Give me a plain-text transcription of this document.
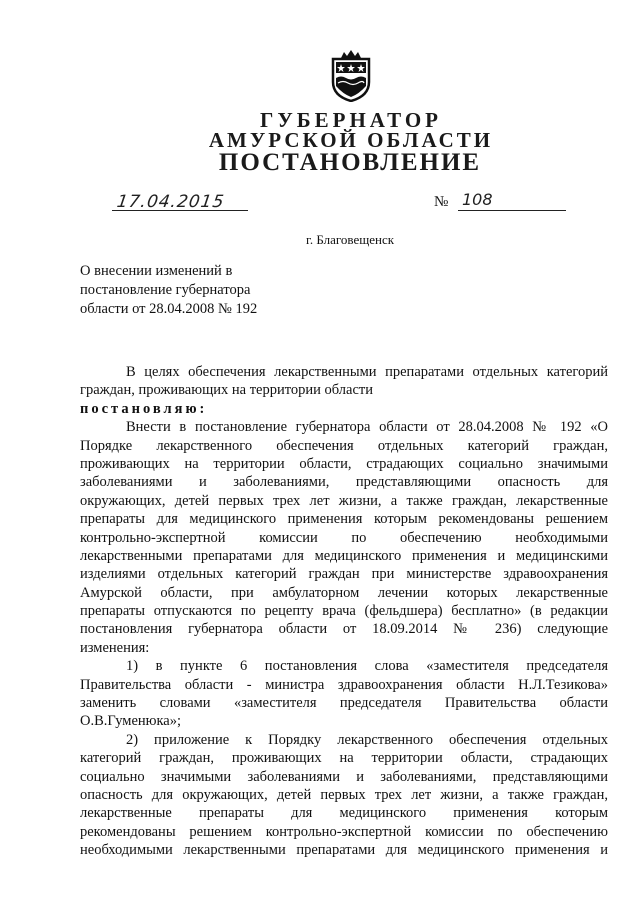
ГУБЕРНАТОР
АМУРСКОЙ ОБЛАСТИ
ПОСТАНОВЛЕНИЕ
17.04.2015	№ 108
г. Благовещенск
О внесении изменений в
постановление губернатора
области от 28.04.2008 № 192
В целях обеспечения лекарственными препаратами отдельных категорий
граждан, проживающих на территории области
постановляю:
Внести в постановление губернатора области от 28.04.2008 № 192 «О
Порядке лекарственного обеспечения отдельных категорий граждан,
проживающих на территории области, страдающих социально значимыми
заболеваниями и заболеваниями, представляющими опасность для
окружающих, детей первых трех лет жизни, а также граждан, лекарственные
препараты для медицинского применения которым рекомендованы решением
контрольно-экспертной комиссии по обеспечению необходимыми
лекарственными препаратами для медицинского применения и медицинскими
изделиями отдельных категорий граждан при министерстве здравоохранения
Амурской области, при амбулаторном лечении которых лекарственные
препараты отпускаются по рецепту врача (фельдшера) бесплатно» (в редакции
постановления губернатора области от 18.09.2014 № 236) следующие
изменения:
1) в пункте 6 постановления слова «заместителя председателя
Правительства области - министра здравоохранения области Н.Л.Тезикова»
заменить словами «заместителя председателя Правительства области
О.В.Гуменюка»;
2) приложение к Порядку лекарственного обеспечения отдельных
категорий граждан, проживающих на территории области, страдающих
социально значимыми заболеваниями и заболеваниями, представляющими
опасность для окружающих, детей первых трех лет жизни, а также граждан,
лекарственные препараты для медицинского применения которым
рекомендованы решением контрольно-экспертной комиссии по обеспечению
необходимыми лекарственными препаратами для медицинского применения и
